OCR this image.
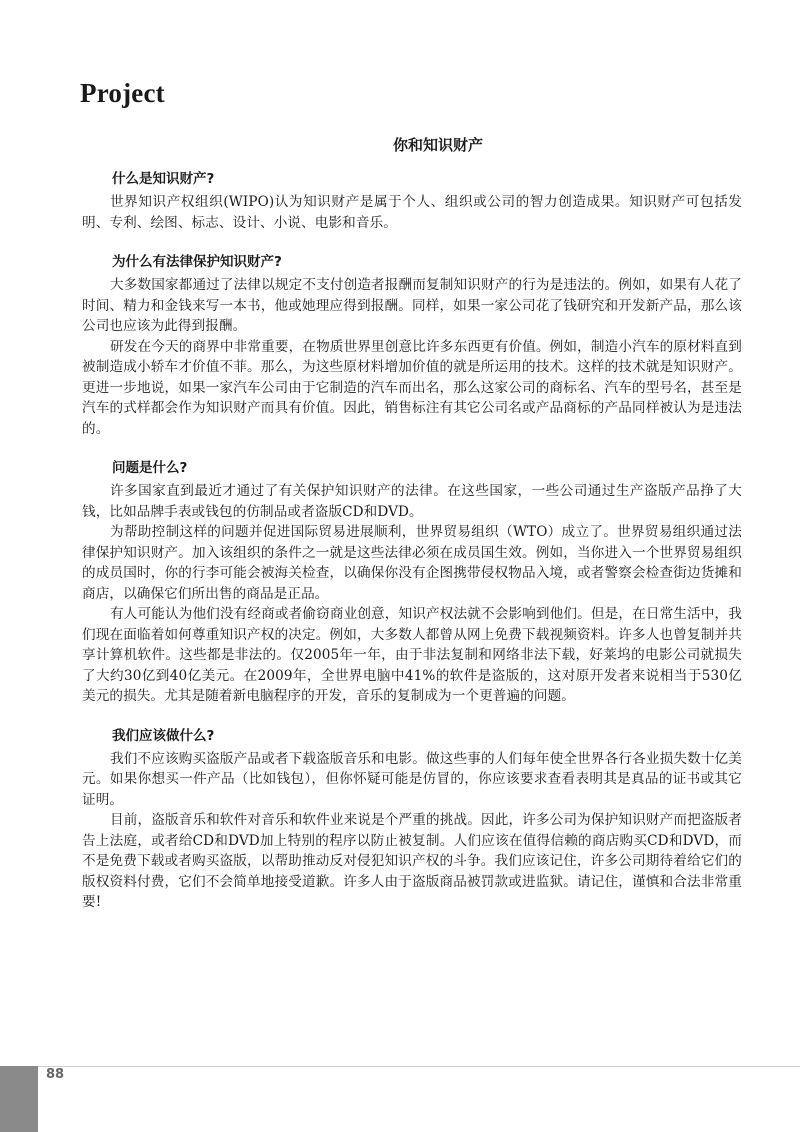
Project
你和知识财产
什么是知识财产?

世界知识产权组织(WIPO)认为知识财产是属于个人、组织或公司的智力创造成果。知识财产可包括发明、专利、绘图、标志、设计、小说、电影和音乐。

为什么有法律保护知识财产?

大多数国家都通过了法律以规定不支付创造者报酬而复制知识财产的行为是违法的。例如，如果有人花了时间、精力和金钱来写一本书，他或她理应得到报酬。同样，如果一家公司花了钱研究和开发新产品，那么该公司也应该为此得到报酬。

研发在今天的商界中非常重要，在物质世界里创意比许多东西更有价值。例如，制造小汽车的原材料直到被制造成小轿车才价值不菲。那么，为这些原材料增加价值的就是所运用的技术。这样的技术就是知识财产。更进一步地说，如果一家汽车公司由于它制造的汽车而出名，那么这家公司的商标名、汽车的型号名，甚至是汽车的式样都会作为知识财产而具有价值。因此，销售标注有其它公司名或产品商标的产品同样被认为是违法的。

问题是什么?

许多国家直到最近才通过了有关保护知识财产的法律。在这些国家，一些公司通过生产盗版产品挣了大钱，比如品牌手表或钱包的仿制品或者盗版CD和DVD。

为帮助控制这样的问题并促进国际贸易进展顺利，世界贸易组织（WTO）成立了。世界贸易组织通过法律保护知识财产。加入该组织的条件之一就是这些法律必须在成员国生效。例如，当你进入一个世界贸易组织的成员国时，你的行李可能会被海关检查，以确保你没有企图携带侵权物品入境，或者警察会检查街边货摊和商店，以确保它们所出售的商品是正品。

有人可能认为他们没有经商或者偷窃商业创意，知识产权法就不会影响到他们。但是，在日常生活中，我们现在面临着如何尊重知识产权的决定。例如，大多数人都曾从网上免费下载视频资料。许多人也曾复制并共享计算机软件。这些都是非法的。仅2005年一年，由于非法复制和网络非法下载，好莱坞的电影公司就损失了大约30亿到40亿美元。在2009年，全世界电脑中41%的软件是盗版的，这对原开发者来说相当于530亿美元的损失。尤其是随着新电脑程序的开发，音乐的复制成为一个更普遍的问题。

我们应该做什么?

我们不应该购买盗版产品或者下载盗版音乐和电影。做这些事的人们每年使全世界各行各业损失数十亿美元。如果你想买一件产品（比如钱包），但你怀疑可能是仿冒的，你应该要求查看表明其是真品的证书或其它证明。

目前，盗版音乐和软件对音乐和软件业来说是个严重的挑战。因此，许多公司为保护知识财产而把盗版者告上法庭，或者给CD和DVD加上特别的程序以防止被复制。人们应该在值得信赖的商店购买CD和DVD，而不是免费下载或者购买盗版，以帮助推动反对侵犯知识产权的斗争。我们应该记住，许多公司期待着给它们的版权资料付费，它们不会简单地接受道歉。许多人由于盗版商品被罚款或进监狱。请记住，谨慎和合法非常重要!

88
